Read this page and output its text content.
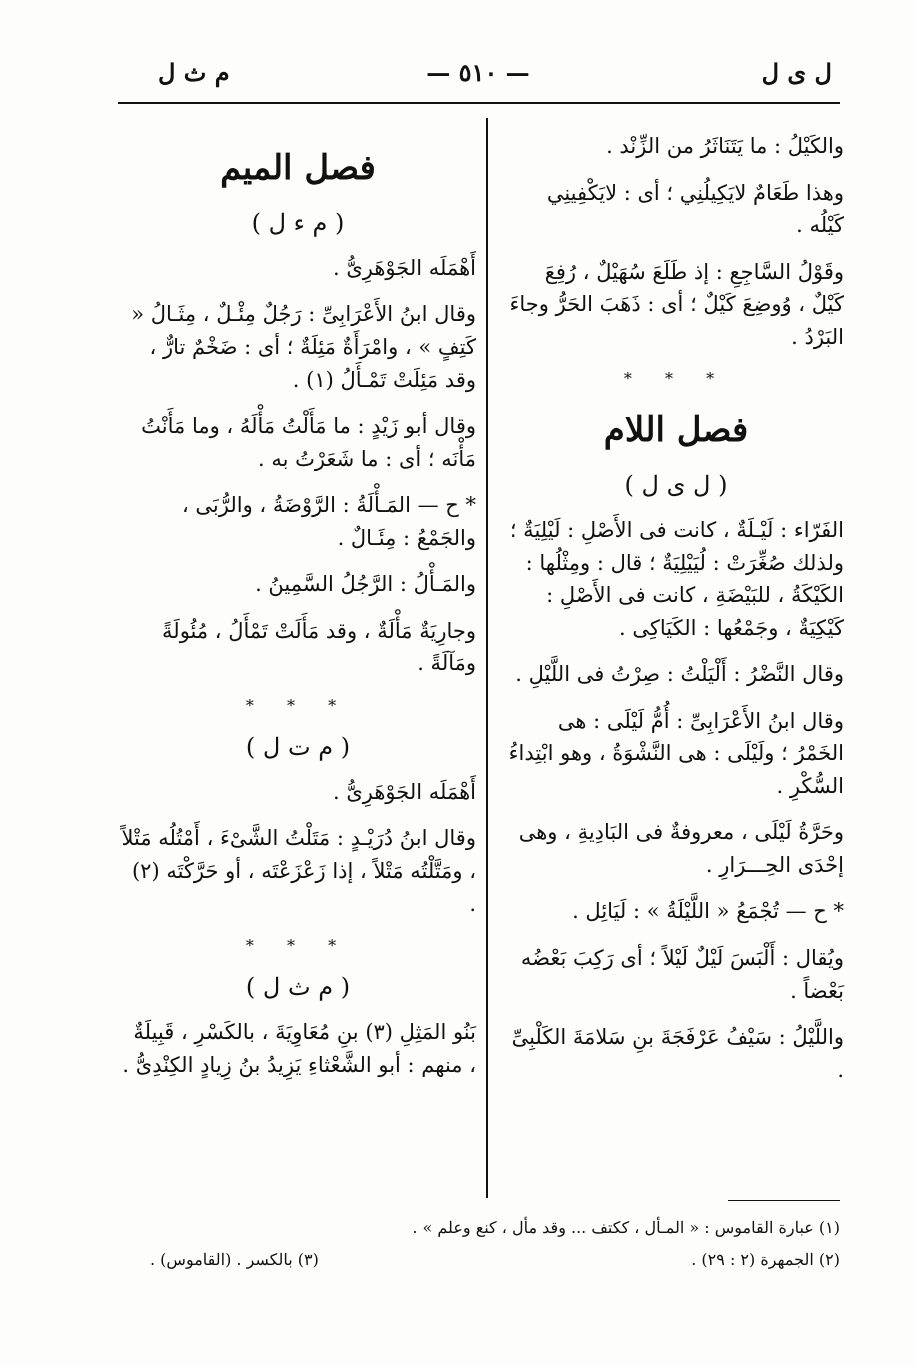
ل ى ل
— ٥١٠ —
م ث ل

والكَيْلُ : ما يَتَنَاثَرُ من الزِّنْد .

وهذا طَعَامٌ لايَكِيلُنِي ؛ أى : لايَكْفِينِي كَيْلُه .

وقَوْلُ السَّاجِعِ : إذ طَلَعَ سُهَيْلٌ ، رُفِعَ كَيْلٌ ، وُوضِعَ كَيْلٌ ؛ أى : ذَهَبَ الحَرُّ وجاءَ البَرْدُ .

* * *
فصل اللام
( ل ى ل )

الفَرّاء : لَيْـلَةٌ ، كانت فى الأَصْلِ : لَيْلِيَةٌ ؛ ولذلك صُغِّرَتْ : لُيَيْلِيَةٌ ؛ قال : ومِثْلُها : الكَيْكَةُ ، للبَيْضَةِ ، كانت فى الأَصْلِ : كَيْكِيَةٌ ، وجَمْعُها : الكَيَاكِى .

وقال النَّضْرُ : أَلْيَلْتُ : صِرْتُ فى اللَّيْلِ .

وقال ابنُ الأَعْرَابِىِّ : أُمُّ لَيْلَى : هى الخَمْرُ ؛ ولَيْلَى : هى النَّشْوَةُ ، وهو ابْتِداءُ السُّكْرِ .

وحَرَّةُ لَيْلَى ، معروفةٌ فى البَادِيةِ ، وهى إحْدَى الحِـــرَارِ .

* ح — تُجْمَعُ « اللَّيْلَةُ » : لَيَائِل .

ويُقال : أَلْبَسَ لَيْلٌ لَيْلاً ؛ أى رَكِبَ بَعْضُه بَعْضاً .

واللَّيْلُ : سَيْفُ عَرْفَجَةَ بنِ سَلامَةَ الكَلْبِىِّ .

فصل الميم
( م ء ل )

أَهْمَلَه الجَوْهَرِىُّ .

وقال ابنُ الأَعْرَابِىِّ : رَجُلٌ مِئْـلٌ ، مِثَـالُ « كَتِفٍ » ، وامْرَأَةٌ مَئِلَةٌ ؛ أى : ضَخْمٌ تارٌّ ، وقد مَئِلَتْ تَمْـأَلُ (١) .

وقال أبو زَيْدٍ : ما مَأَلْتُ مَأْلَهُ ، وما مَأَنْتُ مَأْنَه ؛ أى : ما شَعَرْتُ به .

* ح — المَـأْلَةُ : الرَّوْضَةُ ، والرُّبَى ، والجَمْعُ : مِئَـالٌ .

والمَـأْلُ : الرَّجُلُ السَّمِينُ .

وجارِيَةٌ مَأْلَةٌ ، وقد مَأَلَتْ تَمْأَلُ ، مُئُولَةً ومَآلَةً .

* * *
( م ت ل )

أَهْمَلَه الجَوْهَرِىُّ .

وقال ابنُ دُرَيْـدٍ : مَتَلْتُ الشَّىْءَ ، أَمْتُلُه مَتْلاً ، ومَتَّلْتُه مَتْلاً ، إذا زَعْزَعْتَه ، أو حَرَّكْتَه (٢) .

* * *
( م ث ل )

بَنُو المَثِلِ (٣) بنِ مُعَاوِيَةَ ، بالكَسْرِ ، قَبِيلَةٌ ، منهم : أبو الشَّعْثاءِ يَزِيدُ بنُ زِيادٍ الكِنْدِىُّ .

(١) عبارة القاموس : « المـأل ، ككتف ... وقد مأل ، كنع وعلم » .
(٢) الجمهرة (٢ : ٢٩) .
(٣) بالكسر . (القاموس) .
